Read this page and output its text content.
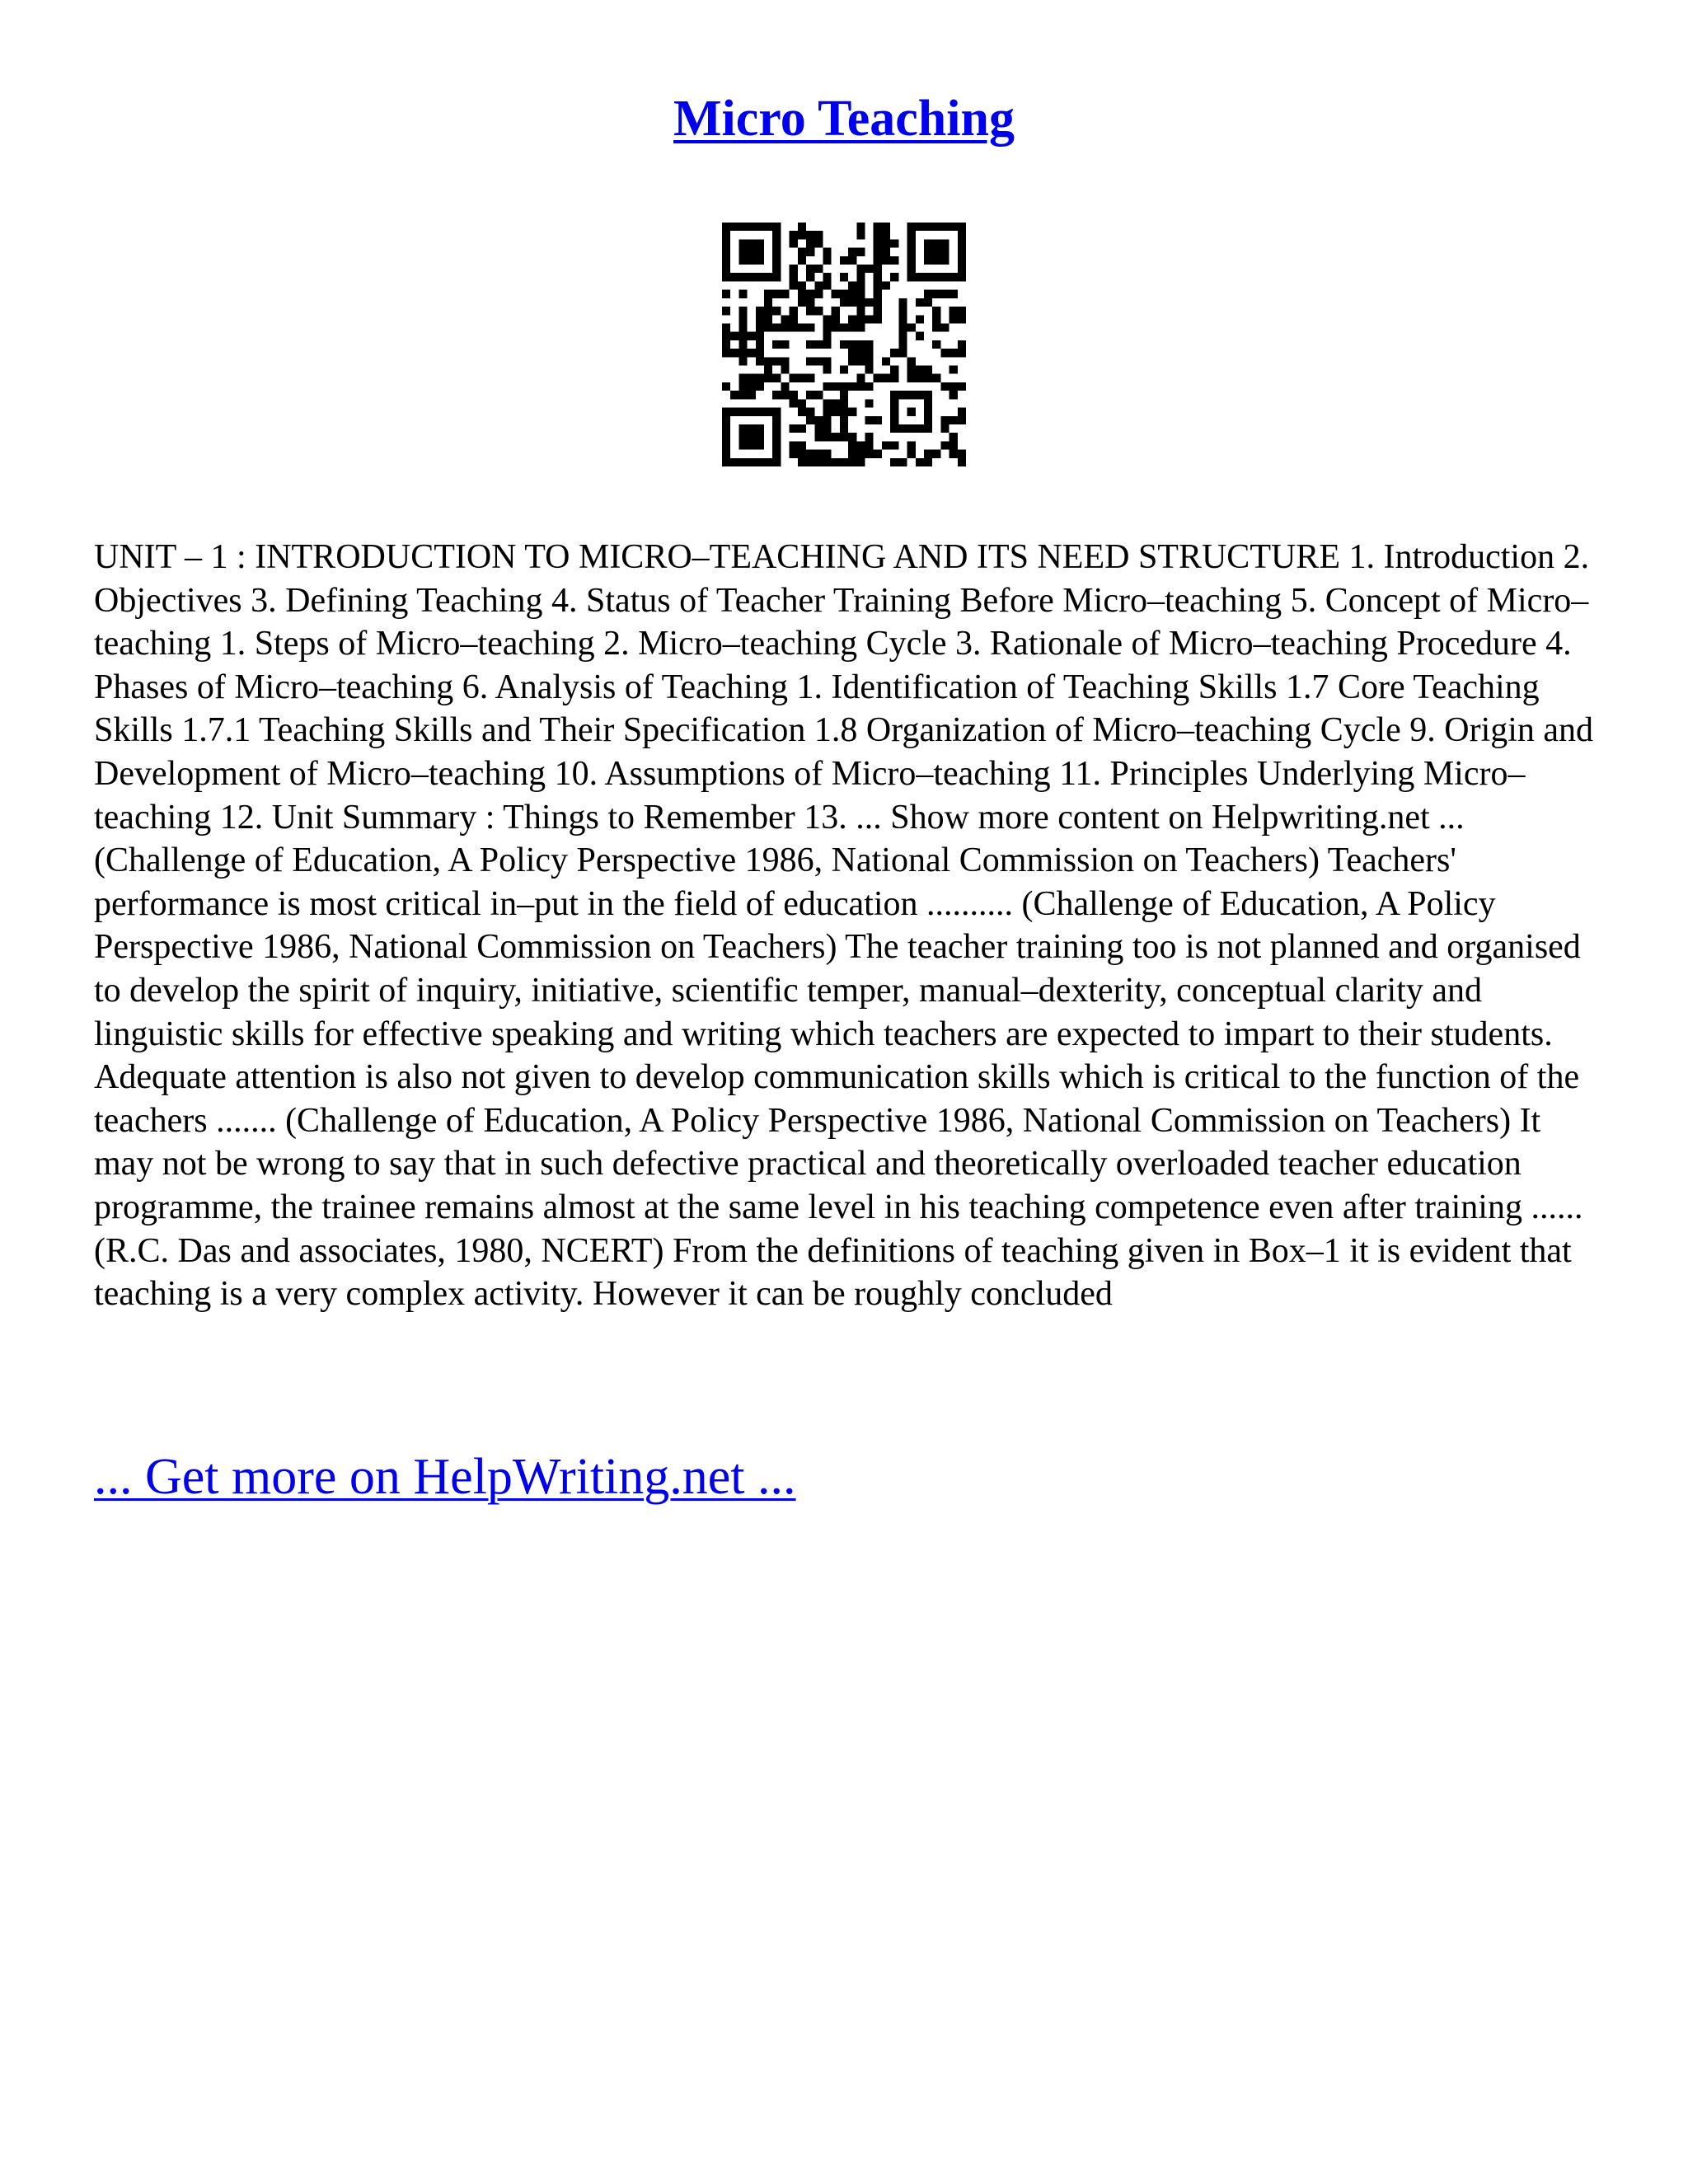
Micro Teaching

UNIT – 1 : INTRODUCTION TO MICRO–TEACHING AND ITS NEED STRUCTURE 1. Introduction 2. Objectives 3. Defining Teaching 4. Status of Teacher Training Before Micro–teaching 5. Concept of Micro–teaching 1. Steps of Micro–teaching 2. Micro–teaching Cycle 3. Rationale of Micro–teaching Procedure 4. Phases of Micro–teaching 6. Analysis of Teaching 1. Identification of Teaching Skills 1.7 Core Teaching Skills 1.7.1 Teaching Skills and Their Specification 1.8 Organization of Micro–teaching Cycle 9. Origin and Development of Micro–teaching 10. Assumptions of Micro–teaching 11. Principles Underlying Micro–teaching 12. Unit Summary : Things to Remember 13. ... Show more content on Helpwriting.net ...

(Challenge of Education, A Policy Perspective 1986, National Commission on Teachers) Teachers' performance is most critical in–put in the field of education .......... (Challenge of Education, A Policy Perspective 1986, National Commission on Teachers) The teacher training too is not planned and organised to develop the spirit of inquiry, initiative, scientific temper, manual–dexterity, conceptual clarity and linguistic skills for effective speaking and writing which teachers are expected to impart to their students. Adequate attention is also not given to develop communication skills which is critical to the function of the teachers ....... (Challenge of Education, A Policy Perspective 1986, National Commission on Teachers) It may not be wrong to say that in such defective practical and theoretically overloaded teacher education programme, the trainee remains almost at the same level in his teaching competence even after training ...... (R.C. Das and associates, 1980, NCERT) From the definitions of teaching given in Box–1 it is evident that teaching is a very complex activity. However it can be roughly concluded

... Get more on HelpWriting.net ...
